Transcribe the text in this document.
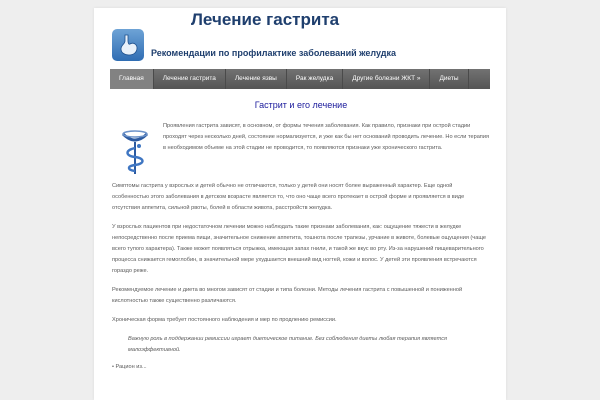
Лечение гастрита
Рекомендации по профилактике заболеваний желудка
Главная	Лечение гастрита	Лечение язвы	Рак желудка	Другие болезни ЖКТ »	Диеты
Гастрит и его лечение

Проявления гастрита зависят, в основном, от формы течения заболевания. Как правило, признаки при острой стадии проходят через несколько дней, состояние нормализуется, и уже как бы нет оснований проводить лечение. Но если терапия в необходимом объеме на этой стадии не проводится, то появляются признаки уже хронического гастрита.

Симптомы гастрита у взрослых и детей обычно не отличаются, только у детей они носят более выраженный характер. Еще одной особенностью этого заболевания в детском возрасте является то, что оно чаще всего протекает в острой форме и проявляется в виде отсутствия аппетита, сильной рвоты, болей в области живота, расстройств желудка.

У взрослых пациентов при недостаточном лечении можно наблюдать такие признаки заболевания, как: ощущение тяжести в желудке непосредственно после приема пищи, значительное снижение аппетита, тошнота после трапезы, урчание в животе, болевые ощущения (чаще всего тупого характера). Также может появляться отрыжка, имеющая запах гнили, и такой же вкус во рту. Из-за нарушений пищеварительного процесса снижается гемоглобин, в значительной мере ухудшается внешний вид ногтей, кожи и волос. У детей эти проявления встречаются гораздо реже.

Рекомендуемое лечение и диета во многом зависят от стадии и типа болезни. Методы лечения гастрита с повышенной и пониженной кислотностью также существенно различаются.

Хроническая форма требует постоянного наблюдения и мер по продлению ремиссии.

Важную роль в поддержании ремиссии играет диетическое питание. Без соблюдения диеты любая терапия является малоэффективной.

• Рацион из...
